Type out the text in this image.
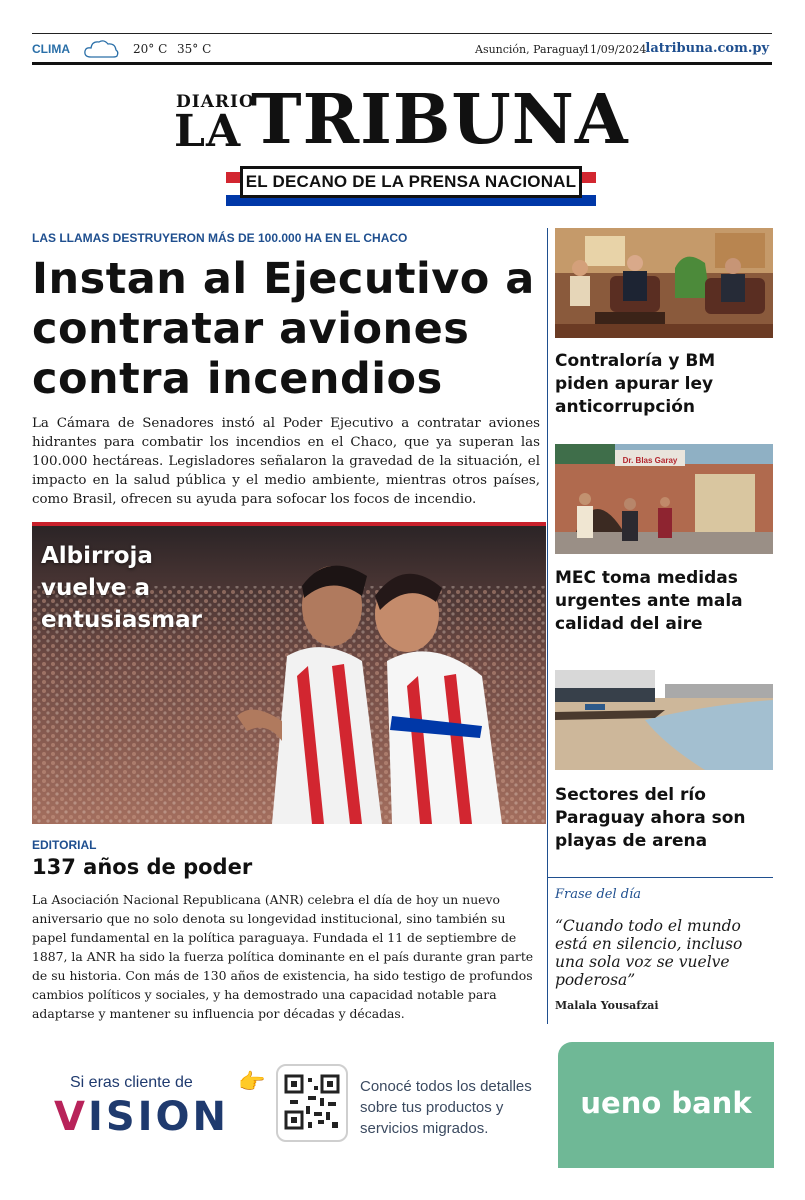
CLIMA	20° C 35° C	Asunción, Paraguay
11/09/2024
latribuna.com.py
DIARIO
LA TRIBUNA
EL DECANO DE LA PRENSA NACIONAL
LAS LLAMAS DESTRUYERON MÁS DE 100.000 HA EN EL CHACO
Instan al Ejecutivo a contratar aviones contra incendios

La Cámara de Senadores instó al Poder Ejecutivo a contratar aviones hidrantes para combatir los incendios en el Chaco, que ya superan las 100.000 hectáreas. Legisladores señalaron la gravedad de la situación, el impacto en la salud pública y el medio ambiente, mientras otros países, como Brasil, ofrecen su ayuda para sofocar los focos de incendio.

Albirroja
vuelve a
entusiasmar
EDITORIAL
137 años de poder

La Asociación Nacional Republicana (ANR) celebra el día de hoy un nuevo aniversario que no solo denota su longevidad institucional, sino también su papel fundamental en la política paraguaya. Fundada el 11 de septiembre de 1887, la ANR ha sido la fuerza política dominante en el país durante gran parte de su historia. Con más de 130 años de existencia, ha sido testigo de profundos cambios políticos y sociales, y ha demostrado una capacidad notable para adaptarse y mantener su influencia por décadas y décadas.

Contraloría y BM piden apurar ley anticorrupción
Dr. Blas Garay
MEC toma medidas urgentes ante mala calidad del aire
Sectores del río Paraguay ahora son playas de arena
Frase del día
“Cuando todo el mundo está en silencio, incluso una sola voz se vuelve poderosa”
Malala Yousafzai
Si eras cliente de
VISION
👉	Conocé todos los detalles sobre tus productos y servicios migrados.
ueno bank
